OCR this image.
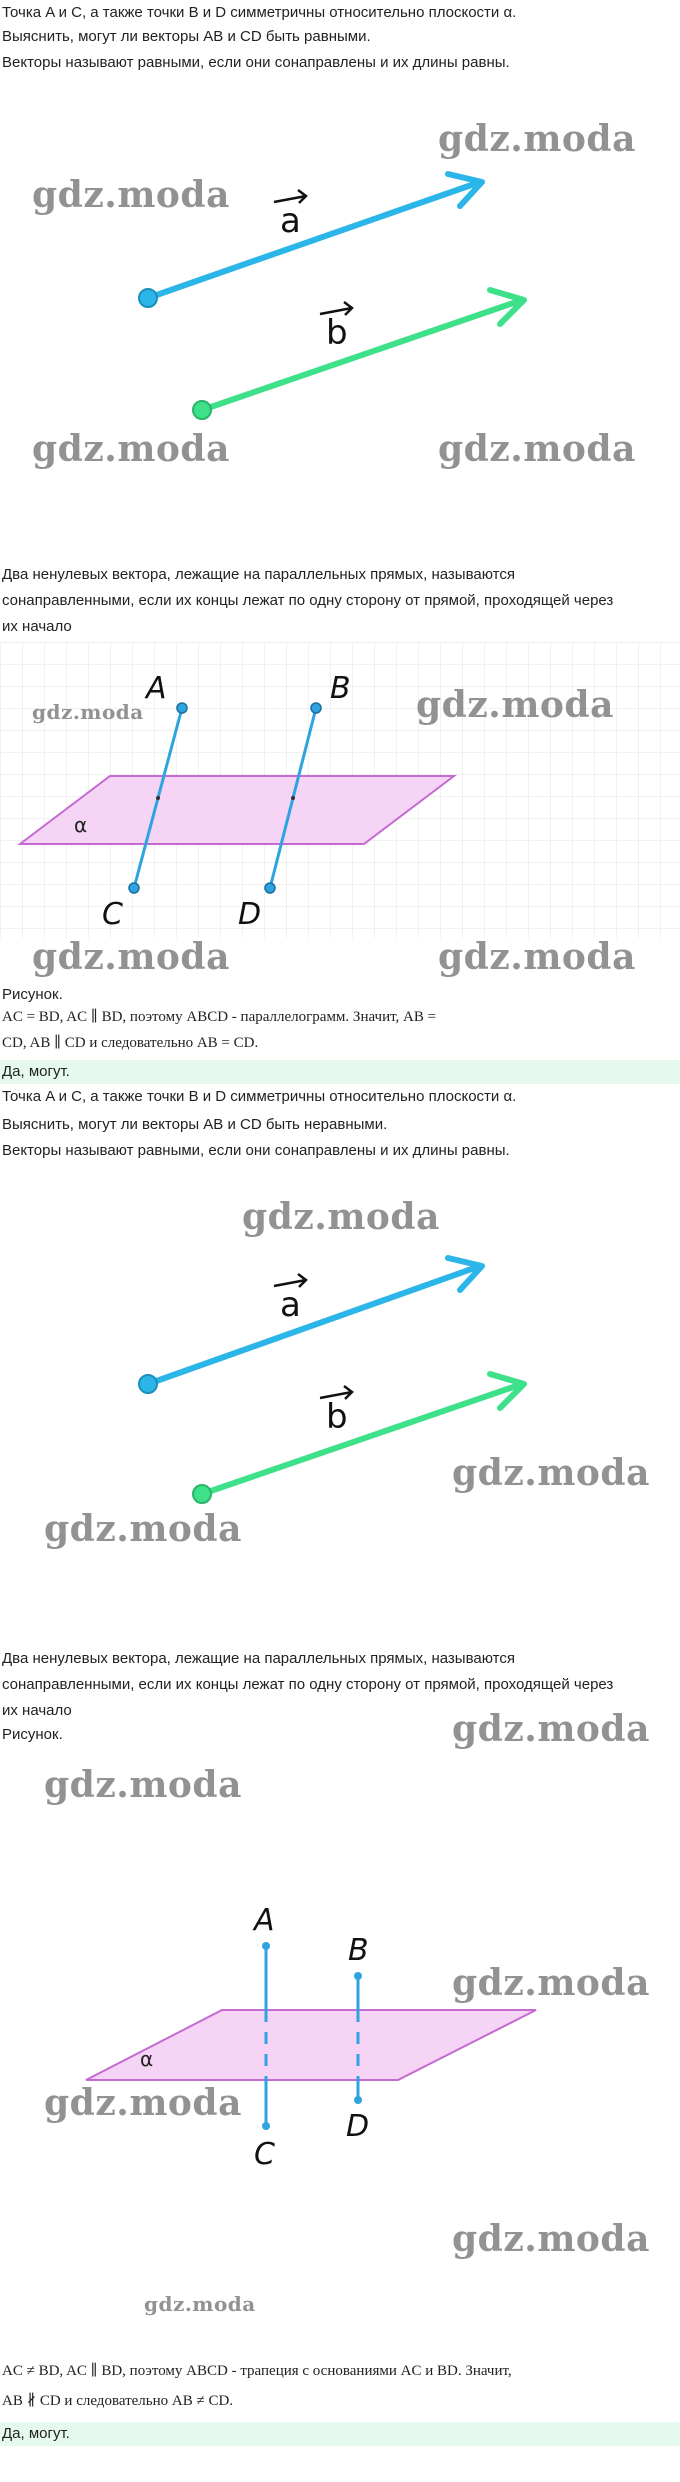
Точка A и C, а также точки B и D симметричны относительно плоскости α.
Выяснить, могут ли векторы AB и CD быть равными.
Векторы называют равными, если они сонаправлены и их длины равны.
a
b
gdz.moda
gdz.moda
gdz.moda	gdz.moda
Два ненулевых вектора, лежащие на параллельных прямых, называются
сонаправленными, если их концы лежат по одну сторону от прямой, проходящей через
их начало
α
A	B
C	D
gdz.moda	gdz.moda
gdz.moda	gdz.moda
Рисунок.
AC = BD, AC ∥ BD, поэтому ABCD - параллелограмм. Значит, AB =
CD, AB ∥ CD и следовательно AB = CD.
Да, могут.
Точка A и C, а также точки B и D симметричны относительно плоскости α.
Выяснить, могут ли векторы AB и CD быть неравными.
Векторы называют равными, если они сонаправлены и их длины равны.
a
b
gdz.moda
gdz.moda
gdz.moda
Два ненулевых вектора, лежащие на параллельных прямых, называются
сонаправленными, если их концы лежат по одну сторону от прямой, проходящей через
их начало
Рисунок.	gdz.moda
gdz.moda
α
A
B
C
D
gdz.moda
gdz.moda
gdz.moda
gdz.moda
AC ≠ BD, AC ∥ BD, поэтому ABCD - трапеция с основаниями AC и BD. Значит,
AB ∦ CD и следовательно AB ≠ CD.
Да, могут.
